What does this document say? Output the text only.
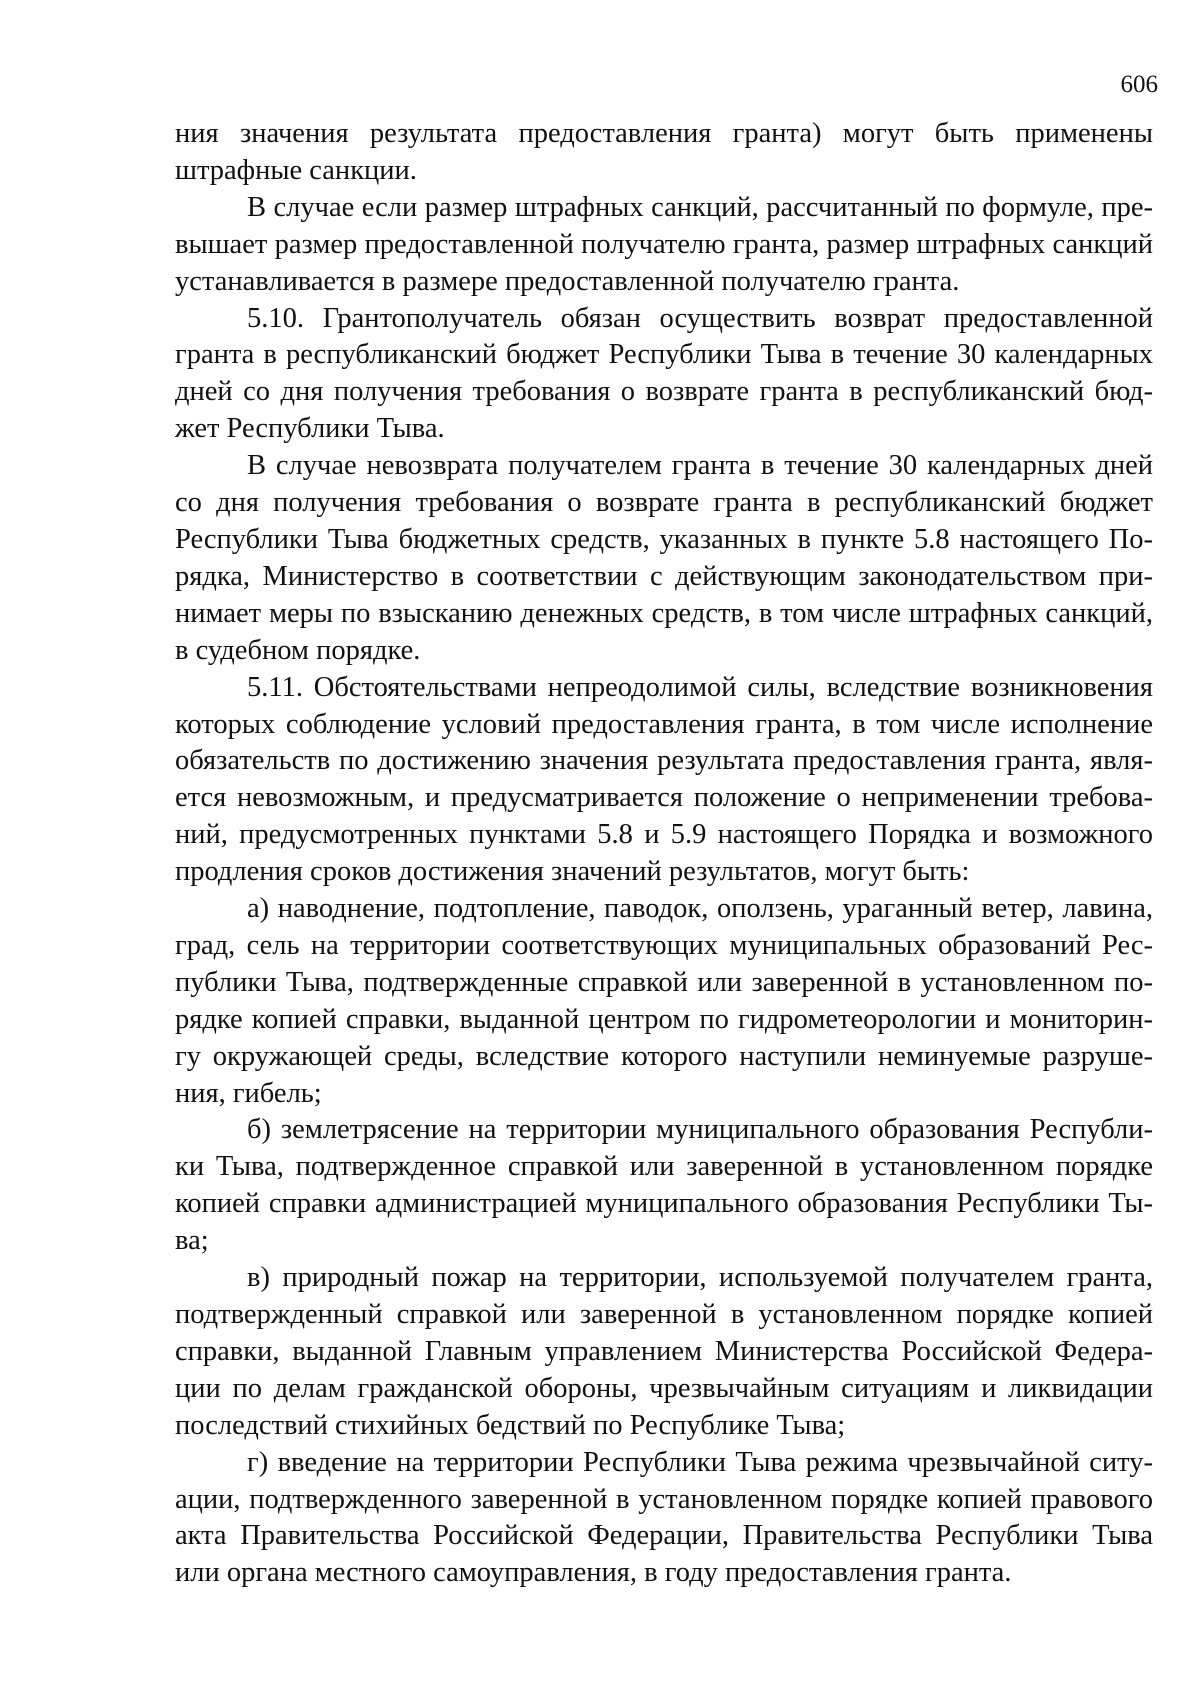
606

ния значения результата предоставления гранта) могут быть применены
штрафные санкции.

В случае если размер штрафных санкций, рассчитанный по формуле, пре-
вышает размер предоставленной получателю гранта, размер штрафных санкций
устанавливается в размере предоставленной получателю гранта.

5.10. Грантополучатель обязан осуществить возврат предоставленной
гранта в республиканский бюджет Республики Тыва в течение 30 календарных
дней со дня получения требования о возврате гранта в республиканский бюд-
жет Республики Тыва.

В случае невозврата получателем гранта в течение 30 календарных дней
со дня получения требования о возврате гранта в республиканский бюджет
Республики Тыва бюджетных средств, указанных в пункте 5.8 настоящего По-
рядка, Министерство в соответствии с действующим законодательством при-
нимает меры по взысканию денежных средств, в том числе штрафных санкций,
в судебном порядке.

5.11. Обстоятельствами непреодолимой силы, вследствие возникновения
которых соблюдение условий предоставления гранта, в том числе исполнение
обязательств по достижению значения результата предоставления гранта, явля-
ется невозможным, и предусматривается положение о неприменении требова-
ний, предусмотренных пунктами 5.8 и 5.9 настоящего Порядка и возможного
продления сроков достижения значений результатов, могут быть:

а) наводнение, подтопление, паводок, оползень, ураганный ветер, лавина,
град, сель на территории соответствующих муниципальных образований Рес-
публики Тыва, подтвержденные справкой или заверенной в установленном по-
рядке копией справки, выданной центром по гидрометеорологии и мониторин-
гу окружающей среды, вследствие которого наступили неминуемые разруше-
ния, гибель;

б) землетрясение на территории муниципального образования Республи-
ки Тыва, подтвержденное справкой или заверенной в установленном порядке
копией справки администрацией муниципального образования Республики Ты-
ва;

в) природный пожар на территории, используемой получателем гранта,
подтвержденный справкой или заверенной в установленном порядке копией
справки, выданной Главным управлением Министерства Российской Федера-
ции по делам гражданской обороны, чрезвычайным ситуациям и ликвидации
последствий стихийных бедствий по Республике Тыва;

г) введение на территории Республики Тыва режима чрезвычайной ситу-
ации, подтвержденного заверенной в установленном порядке копией правового
акта Правительства Российской Федерации, Правительства Республики Тыва
или органа местного самоуправления, в году предоставления гранта.
